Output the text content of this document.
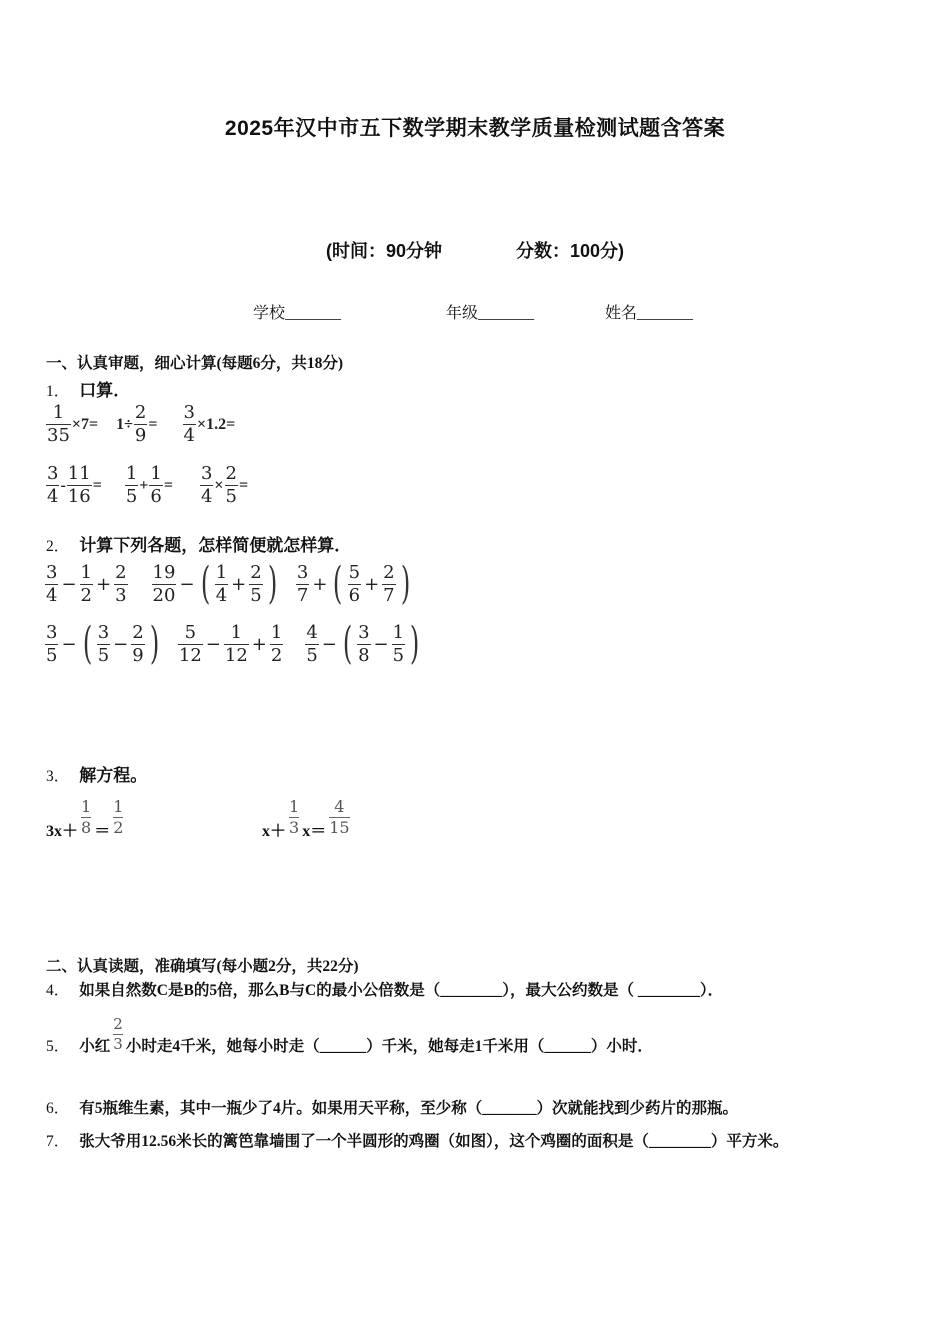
2025年汉中市五下数学期末教学质量检测试题含答案
(时间：90分钟	分数：100分)
学校_______	年级_______	姓名_______
一、认真审题，细心计算(每题6分，共18分)
1． 口算．
$\frac{1}{35} \times 7= 1\div \frac{2}{9} = \frac{3}{4} \times 1.2=$
$\frac{3}{4} - \frac{11}{16} = \frac{1}{5} + \frac{1}{6} = \frac{3}{4} \times \frac{2}{5}$ =
2． 计算下列各题，怎样简便就怎样算．
$\frac{3}{4} - \frac{1}{2} + \frac{2}{3} \frac{19}{20}$ − ( $\frac{1}{4} + \frac{2}{5}$ ) $\frac{3}{7}$ + ( $\frac{5}{6} + \frac{2}{7}$ )
$\frac{3}{5}$ − ( $\frac{3}{5} - \frac{2}{9}$ ) $\frac{5}{12} - \frac{1}{12} + \frac{1}{2} \frac{4}{5}$ − ( $\frac{3}{8} - \frac{1}{5}$ )
3． 解方程。
3x＋
1
8 ＝
1
2	x＋
1
3 x＝
4
15
二、认真读题，准确填写(每小题2分，共22分)
4． 如果自然数C是B的5倍，那么B与C的最小公倍数是（________），最大公约数是（ ________）．
5． 小红
2
3 小时走4千米，她每小时走（______）千米，她每走1千米用（______）小时．
6． 有5瓶维生素，其中一瓶少了4片。如果用天平称，至少称（_______）次就能找到少药片的那瓶。
7． 张大爷用12.56米长的篱笆靠墙围了一个半圆形的鸡圈（如图），这个鸡圈的面积是（________）平方米。
